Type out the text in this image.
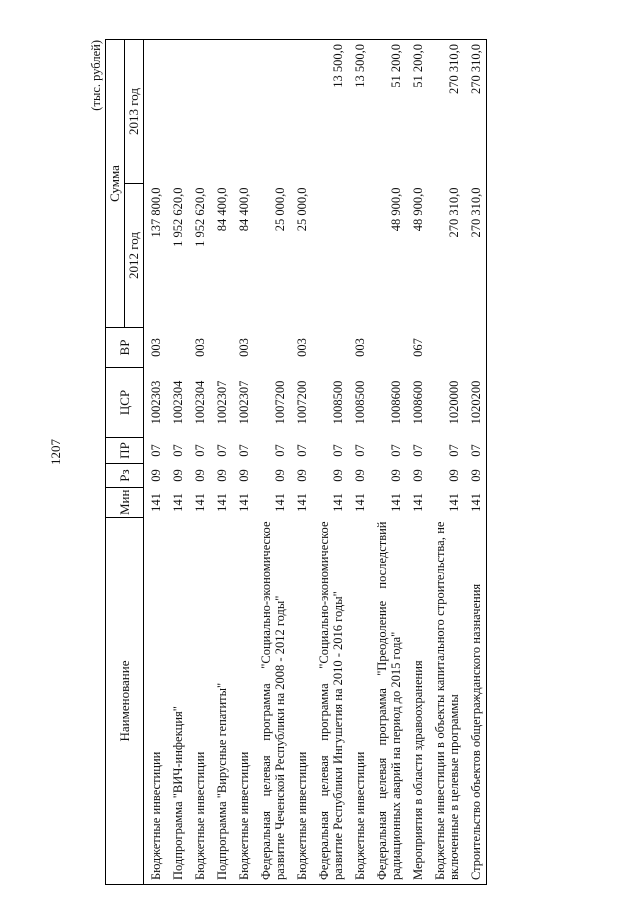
1207
(тыс. рублей)
Наименование	Мин	Рз	ПР	ЦСР	ВР	Сумма	
						2012 год	2013 год
Бюджетные инвестиции	141	09	07	1002303	003	137 800,0	
Подпрограмма "ВИЧ-инфекция"	141	09	07	1002304		1 952 620,0	
Бюджетные инвестиции	141	09	07	1002304	003	1 952 620,0	
Подпрограмма "Вирусные гепатиты"	141	09	07	1002307		84 400,0	
Бюджетные инвестиции	141	09	07	1002307	003	84 400,0	
Федеральная целевая программа "Социально-экономическое развитие Чеченской Республики на 2008 - 2012 годы"	141	09	07	1007200		25 000,0	
Бюджетные инвестиции	141	09	07	1007200	003	25 000,0	
Федеральная целевая программа "Социально-экономическое развитие Республики Ингушетия на 2010 - 2016 годы"	141	09	07	1008500			13 500,0
Бюджетные инвестиции	141	09	07	1008500	003		13 500,0
Федеральная целевая программа "Преодоление последствий радиационных аварий на период до 2015 года"	141	09	07	1008600		48 900,0	51 200,0
Мероприятия в области здравоохранения	141	09	07	1008600	067	48 900,0	51 200,0
Бюджетные инвестиции в объекты капитального строительства, не включенные в целевые программы	141	09	07	1020000		270 310,0	270 310,0
Строительство объектов общегражданского назначения	141	09	07	1020200		270 310,0	270 310,0
